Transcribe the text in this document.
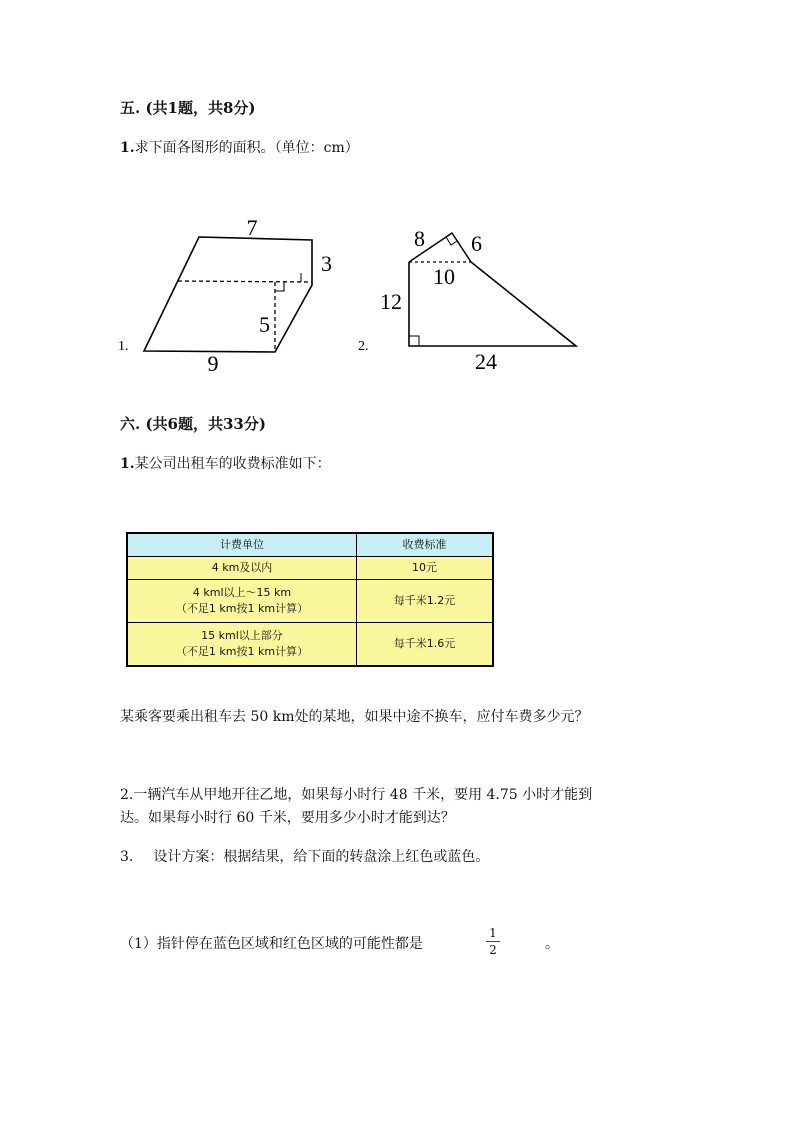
五. (共1题，共8分)
1.求下面各图形的面积。（单位：cm）
7
3
5
9
1.
8 6
10
12
24
2.
六. (共6题，共33分)
1.某公司出租车的收费标准如下：
计费单位	收费标准
4 km及以内	10元

4 kml以上～15 km
（不足1 km按1 km计算）	每千米1.2元

15 kml以上部分
（不足1 km按1 km计算）	每千米1.6元
某乘客要乘出租车去 50 km处的某地，如果中途不换车，应付车费多少元？
2.一辆汽车从甲地开往乙地，如果每小时行 48 千米，要用 4.75 小时才能到
达。如果每小时行 60 千米，要用多少小时才能到达？
3. 设计方案：根据结果，给下面的转盘涂上红色或蓝色。
（1）指针停在蓝色区域和红色区域的可能性都是
1
2	。
